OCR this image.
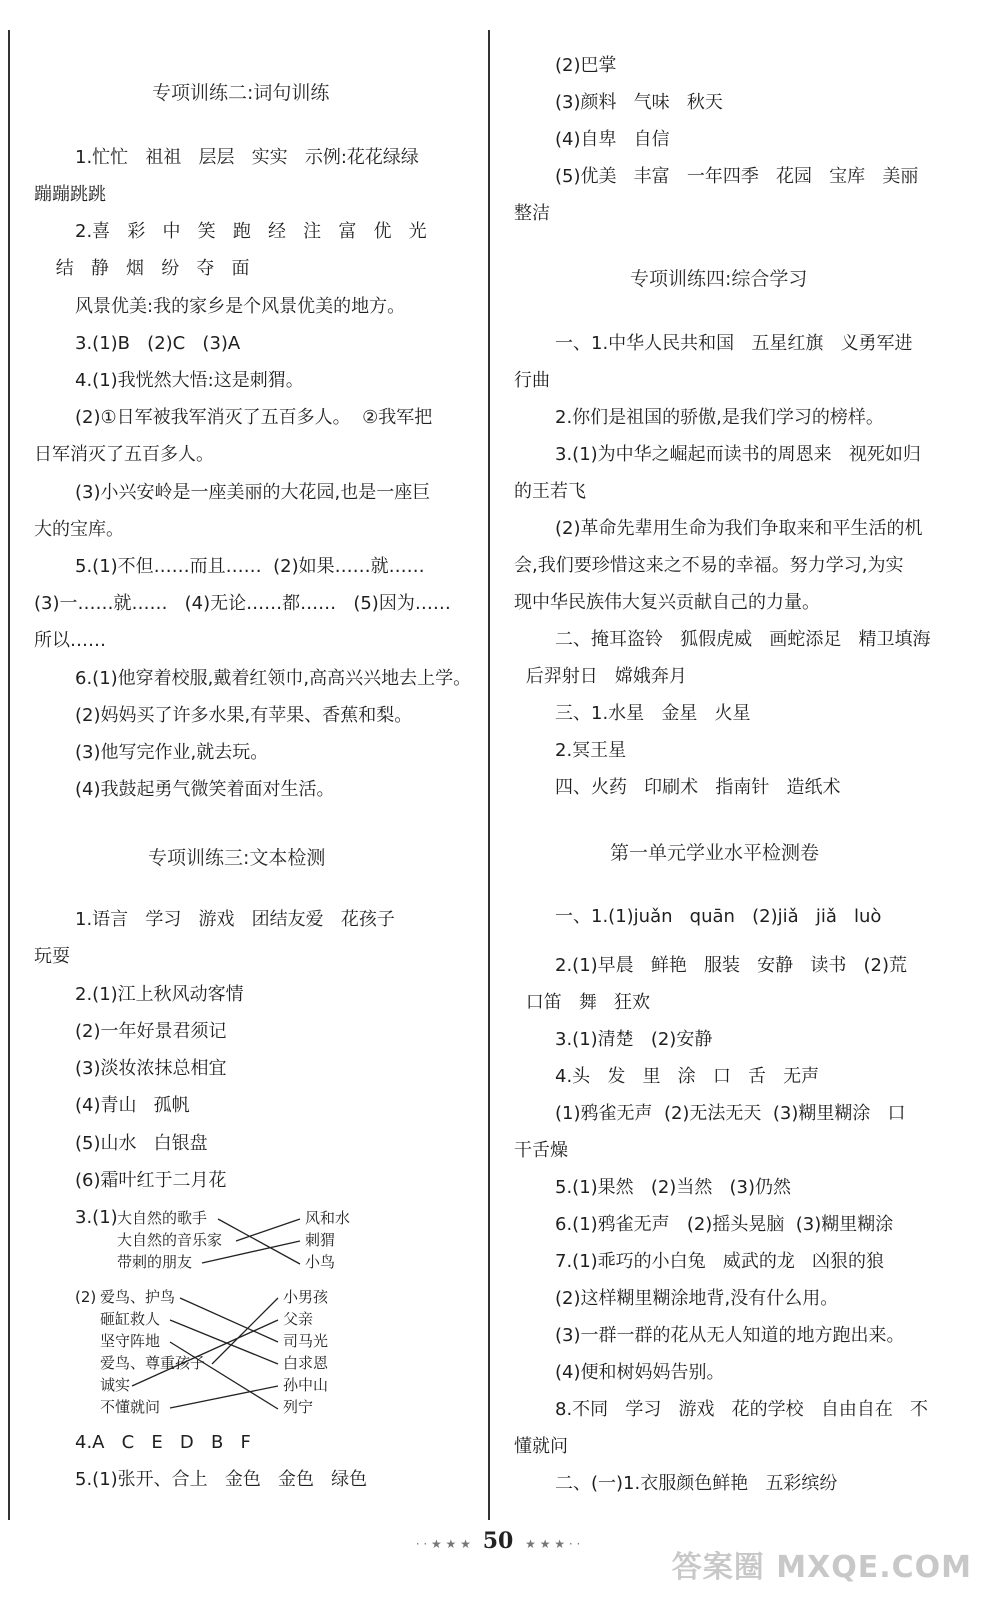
专项训练二:词句训练
1.忙忙   祖祖   层层   实实   示例:花花绿绿
蹦蹦跳跳
2.喜   彩   中   笑   跑   经   注   富   优   光
结   静   烟   纷   夺   面
风景优美:我的家乡是个风景优美的地方。
3.(1)B   (2)C   (3)A
4.(1)我恍然大悟:这是刺猬。
(2)①日军被我军消灭了五百多人。  ②我军把
日军消灭了五百多人。
(3)小兴安岭是一座美丽的大花园,也是一座巨
大的宝库。
5.(1)不但……而且……  (2)如果……就……
(3)一……就……   (4)无论……都……   (5)因为……
所以……
6.(1)他穿着校服,戴着红领巾,高高兴兴地去上学。
(2)妈妈买了许多水果,有苹果、香蕉和梨。
(3)他写完作业,就去玩。
(4)我鼓起勇气微笑着面对生活。
专项训练三:文本检测
1.语言   学习   游戏   团结友爱   花孩子
玩耍
2.(1)江上秋风动客情
(2)一年好景君须记
(3)淡妆浓抹总相宜
(4)青山   孤帆
(5)山水   白银盘
(6)霜叶红于二月花
3.(1) 大自然的歌手
大自然的音乐家
带刺的朋友
风和水
刺猬
小鸟
(2) 爱鸟、护鸟
砸缸救人
坚守阵地
爱鸟、尊重孩子
诚实
不懂就问
小男孩
父亲
司马光
白求恩
孙中山
列宁
4.A   C   E   D   B   F
5.(1)张开、合上   金色   金色   绿色
(2)巴掌
(3)颜料   气味   秋天
(4)自卑   自信
(5)优美   丰富   一年四季   花园   宝库   美丽
整洁
专项训练四:综合学习
一、1.中华人民共和国   五星红旗   义勇军进
行曲
2.你们是祖国的骄傲,是我们学习的榜样。
3.(1)为中华之崛起而读书的周恩来   视死如归
的王若飞
(2)革命先辈用生命为我们争取来和平生活的机
会,我们要珍惜这来之不易的幸福。努力学习,为实
现中华民族伟大复兴贡献自己的力量。
二、掩耳盗铃   狐假虎威   画蛇添足   精卫填海
后羿射日   嫦娥奔月
三、1.水星   金星   火星
2.冥王星
四、火药   印刷术   指南针   造纸术
第一单元学业水平检测卷
一、1.(1)juǎn   quān   (2)jiǎ   jiǎ   luò
2.(1)早晨   鲜艳   服装   安静   读书   (2)荒
口笛   舞   狂欢
3.(1)清楚   (2)安静
4.头   发   里   涂   口   舌   无声
(1)鸦雀无声  (2)无法无天  (3)糊里糊涂   口
干舌燥
5.(1)果然   (2)当然   (3)仍然
6.(1)鸦雀无声   (2)摇头晃脑  (3)糊里糊涂
7.(1)乖巧的小白兔   威武的龙   凶狠的狼
(2)这样糊里糊涂地背,没有什么用。
(3)一群一群的花从无人知道的地方跑出来。
(4)便和树妈妈告别。
8.不同   学习   游戏   花的学校   自由自在   不
懂就问
二、(一)1.衣服颜色鲜艳   五彩缤纷
· · ★ ★ ★ 50 ★ ★ ★ · ·
答案圈 MXQE.COM
